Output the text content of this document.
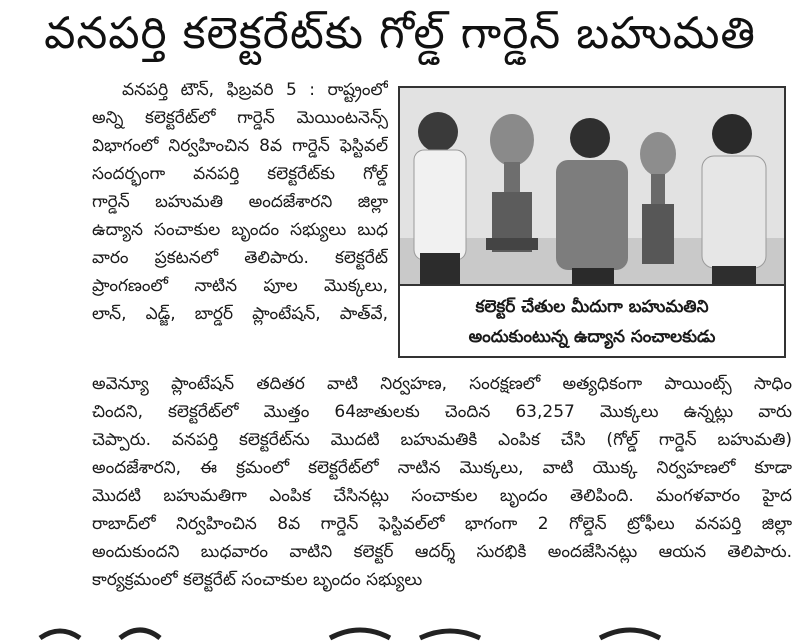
వనపర్తి కలెక్టరేట్‌కు గోల్డ్ గార్డెన్ బహుమతి
వనపర్తి టౌన్, ఫిబ్రవరి 5 : రాష్ట్రంలో
అన్ని కలెక్టరేట్‌లో గార్డెన్ మెయింటనెన్స్
విభాగంలో నిర్వహించిన 8వ గార్డెన్ ఫెస్టివల్
సందర్భంగా వనపర్తి కలెక్టరేట్‌కు గోల్డ్
గార్డెన్ బహుమతి అందజేశారని జిల్లా
ఉద్యాన సంచాకుల బృందం సభ్యులు బుధ
వారం ప్రకటనలో తెలిపారు. కలెక్టరేట్
ప్రాంగణంలో నాటిన పూల మొక్కలు,
లాన్, ఎడ్జ్, బార్డర్ ప్లాంటేషన్, పాత్‌వే,	కలెక్టర్ చేతుల మీదుగా బహుమతిని
అందుకుంటున్న ఉద్యాన సంచాలకుడు
అవెన్యూ ప్లాంటేషన్ తదితర వాటి నిర్వహణ, సంరక్షణలో అత్యధికంగా పాయింట్స్ సాధిం
చిందని, కలెక్టరేట్‌లో మొత్తం 64జాతులకు చెందిన 63,257 మొక్కలు ఉన్నట్లు వారు
చెప్పారు. వనపర్తి కలెక్టరేట్‌ను మొదటి బహుమతికి ఎంపిక చేసి (గోల్డ్ గార్డెన్ బహుమతి)
అందజేశారని, ఈ క్రమంలో కలెక్టరేట్‌లో నాటిన మొక్కలు, వాటి యొక్క నిర్వహణలో కూడా
మొదటి బహుమతిగా ఎంపిక చేసినట్లు సంచాకుల బృందం తెలిపింది. మంగళవారం హైద
రాబాద్‌లో నిర్వహించిన 8వ గార్డెన్ ఫెస్టివల్‌లో భాగంగా 2 గోల్డెన్ ట్రోఫీలు వనపర్తి జిల్లా
అందుకుందని బుధవారం వాటిని కలెక్టర్ ఆదర్శ్ సురభికి అందజేసినట్లు ఆయన తెలిపారు.
కార్యక్రమంలో కలెక్టరేట్ సంచాకుల బృందం సభ్యులు
